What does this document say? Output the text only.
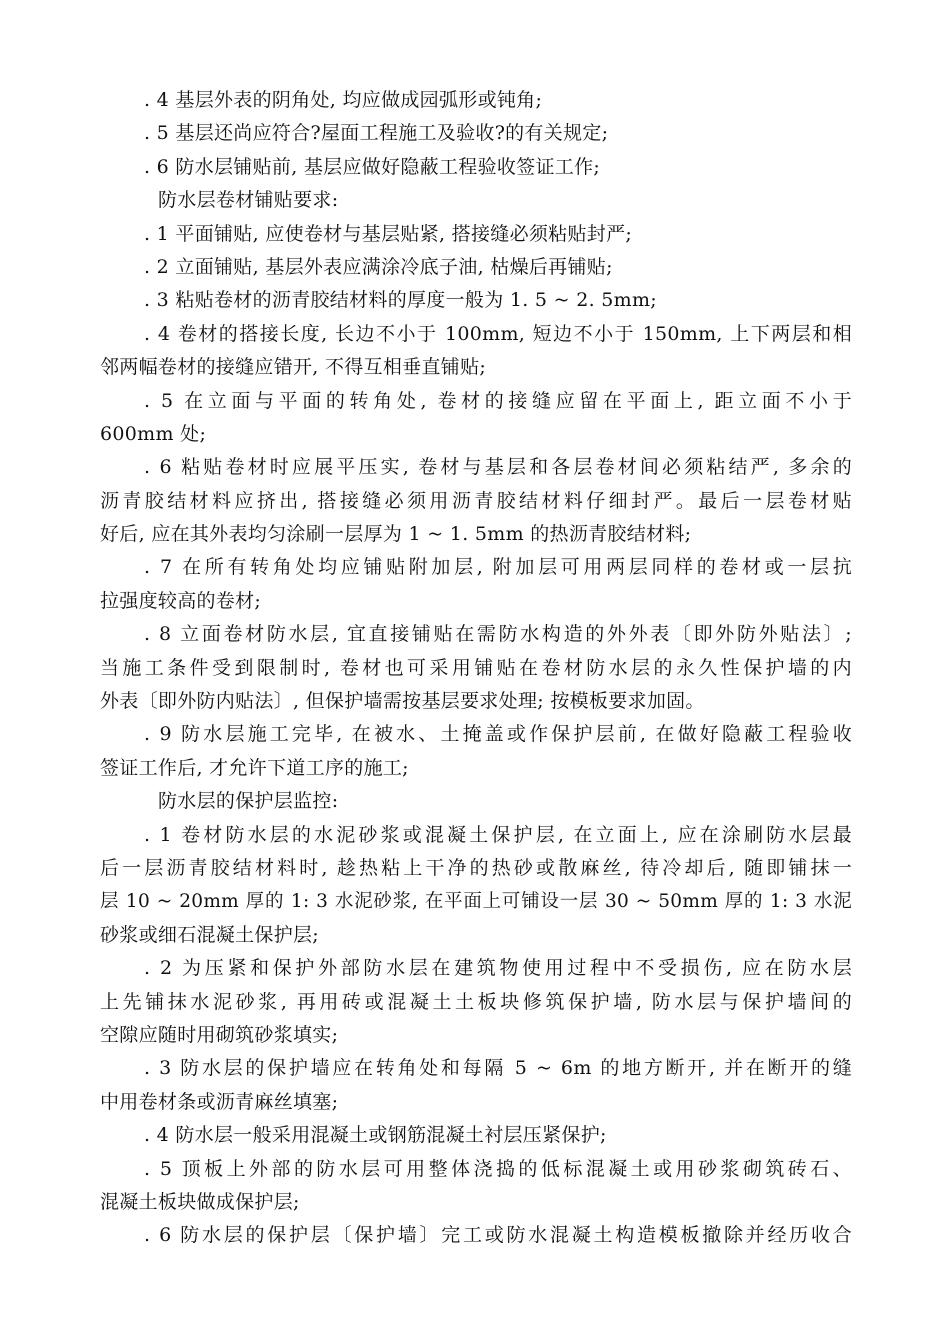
. 4 基层外表的阴角处, 均应做成园弧形或钝角;
. 5 基层还尚应符合?屋面工程施工及验收?的有关规定;
. 6 防水层铺贴前, 基层应做好隐蔽工程验收签证工作;
防水层卷材铺贴要求:
. 1 平面铺贴, 应使卷材与基层贴紧, 搭接缝必须粘贴封严;
. 2 立面铺贴, 基层外表应满涂冷底子油, 枯燥后再铺贴;
. 3 粘贴卷材的沥青胶结材料的厚度一般为 1. 5 ~ 2. 5mm;
. 4 卷材的搭接长度, 长边不小于 100mm, 短边不小于 150mm, 上下两层和相
邻两幅卷材的接缝应错开, 不得互相垂直铺贴;
. 5 在立面与平面的转角处, 卷材的接缝应留在平面上, 距立面不小于
600mm 处;
. 6 粘贴卷材时应展平压实, 卷材与基层和各层卷材间必须粘结严, 多余的
沥青胶结材料应挤出, 搭接缝必须用沥青胶结材料仔细封严。最后一层卷材贴
好后, 应在其外表均匀涂刷一层厚为 1 ~ 1. 5mm 的热沥青胶结材料;
. 7 在所有转角处均应铺贴附加层, 附加层可用两层同样的卷材或一层抗
拉强度较高的卷材;
. 8 立面卷材防水层, 宜直接铺贴在需防水构造的外外表〔即外防外贴法〕;
当施工条件受到限制时, 卷材也可采用铺贴在卷材防水层的永久性保护墙的内
外表〔即外防内贴法〕, 但保护墙需按基层要求处理; 按模板要求加固。
. 9 防水层施工完毕, 在被水、土掩盖或作保护层前, 在做好隐蔽工程验收
签证工作后, 才允许下道工序的施工;
防水层的保护层监控:
. 1 卷材防水层的水泥砂浆或混凝土保护层, 在立面上, 应在涂刷防水层最
后一层沥青胶结材料时, 趁热粘上干净的热砂或散麻丝, 待冷却后, 随即铺抹一
层 10 ~ 20mm 厚的 1: 3 水泥砂浆, 在平面上可铺设一层 30 ~ 50mm 厚的 1: 3 水泥
砂浆或细石混凝土保护层;
. 2 为压紧和保护外部防水层在建筑物使用过程中不受损伤, 应在防水层
上先铺抹水泥砂浆, 再用砖或混凝土土板块修筑保护墙, 防水层与保护墙间的
空隙应随时用砌筑砂浆填实;
. 3 防水层的保护墙应在转角处和每隔 5 ~ 6m 的地方断开, 并在断开的缝
中用卷材条或沥青麻丝填塞;
. 4 防水层一般采用混凝土或钢筋混凝土衬层压紧保护;
. 5 顶板上外部的防水层可用整体浇捣的低标混凝土或用砂浆砌筑砖石、
混凝土板块做成保护层;
. 6 防水层的保护层〔保护墙〕完工或防水混凝土构造模板撤除并经历收合
